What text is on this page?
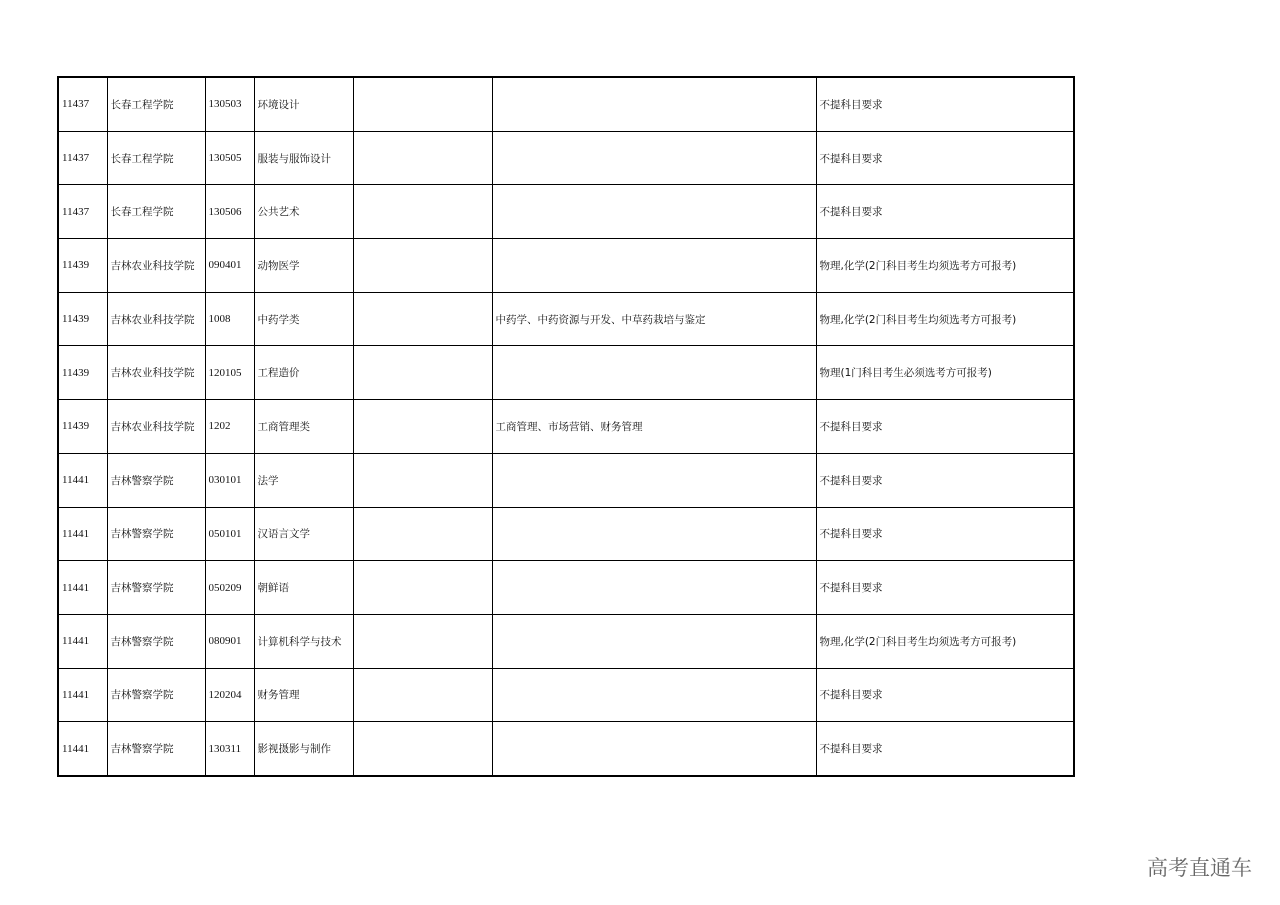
11437	长春工程学院	130503	环境设计			不提科目要求
11437	长春工程学院	130505	服装与服饰设计			不提科目要求
11437	长春工程学院	130506	公共艺术			不提科目要求
11439	吉林农业科技学院	090401	动物医学			物理,化学(2门科目考生均须选考方可报考)
11439	吉林农业科技学院	1008	中药学类		中药学、中药资源与开发、中草药栽培与鉴定	物理,化学(2门科目考生均须选考方可报考)
11439	吉林农业科技学院	120105	工程造价			物理(1门科目考生必须选考方可报考)
11439	吉林农业科技学院	1202	工商管理类		工商管理、市场营销、财务管理	不提科目要求
11441	吉林警察学院	030101	法学			不提科目要求
11441	吉林警察学院	050101	汉语言文学			不提科目要求
11441	吉林警察学院	050209	朝鲜语			不提科目要求
11441	吉林警察学院	080901	计算机科学与技术			物理,化学(2门科目考生均须选考方可报考)
11441	吉林警察学院	120204	财务管理			不提科目要求
11441	吉林警察学院	130311	影视摄影与制作			不提科目要求
高考直通车
